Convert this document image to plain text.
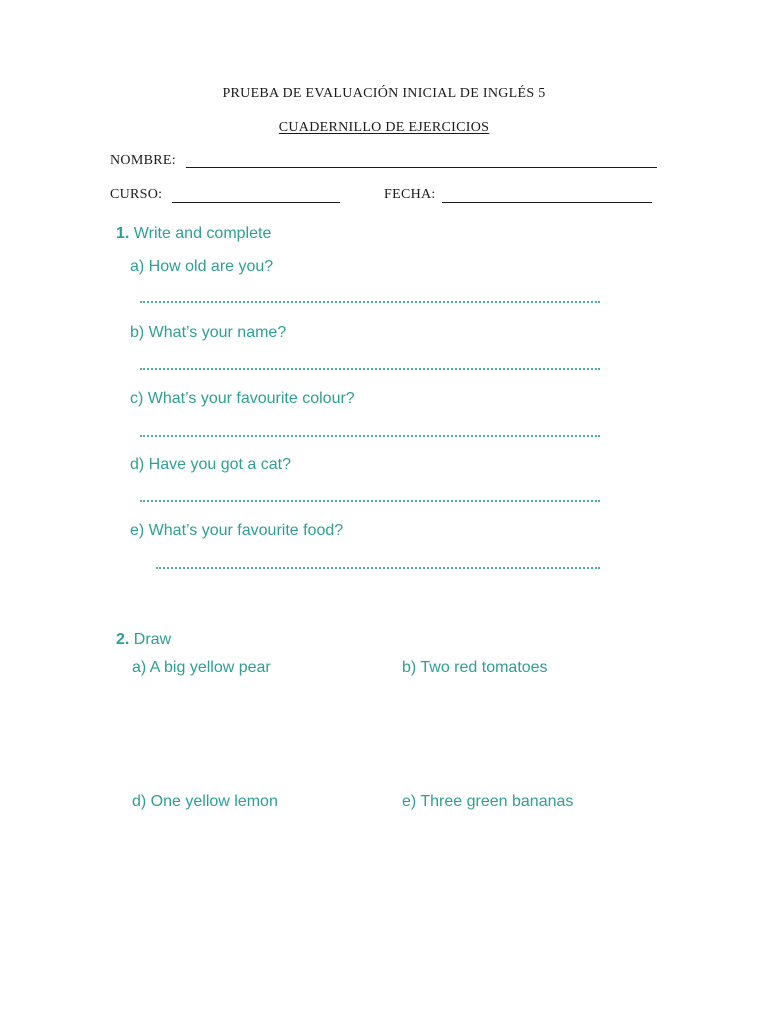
PRUEBA DE EVALUACIÓN INICIAL DE INGLÉS 5
CUADERNILLO DE EJERCICIOS
NOMBRE:
CURSO:	FECHA:
1. Write and complete
a) How old are you?
b) What’s your name?
c) What’s your favourite colour?
d) Have you got a cat?
e) What’s your favourite food?
2. Draw
a) A big yellow pear	b) Two red tomatoes
d) One yellow lemon	e) Three green bananas
